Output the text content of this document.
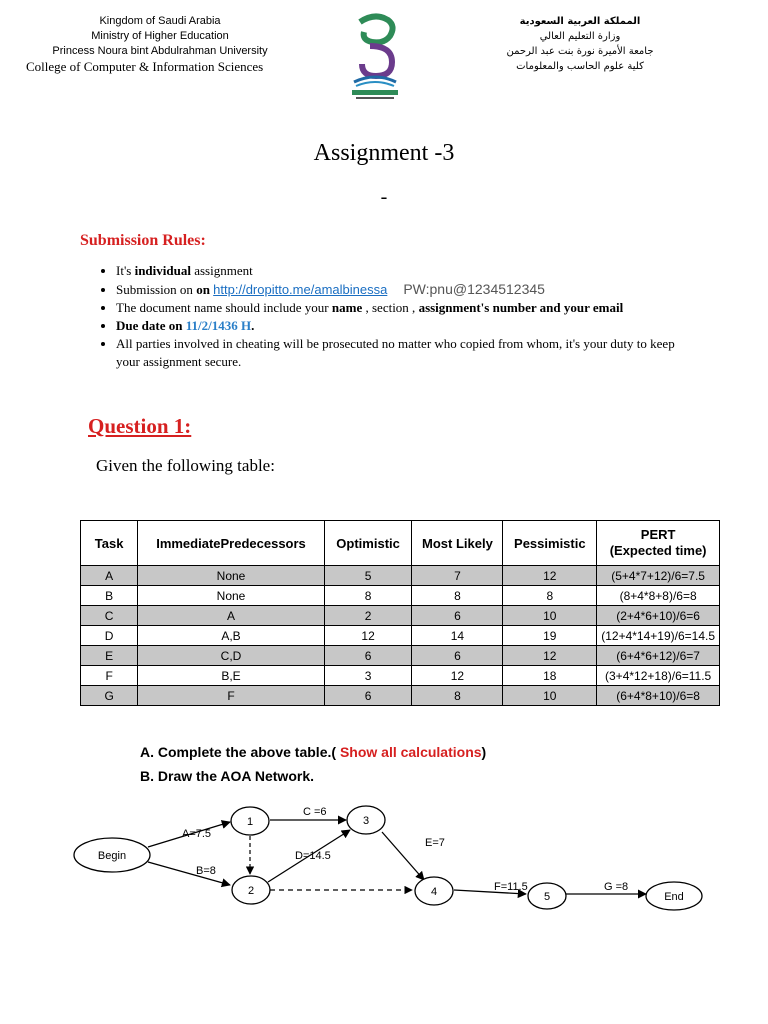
Kingdom of Saudi Arabia
Ministry of Higher Education
Princess Noura bint Abdulrahman University
College of Computer & Information Sciences
المملكة العربية السعودية
وزارة التعليم العالي
جامعة الأميرة نورة بنت عبد الرحمن
كلية علوم الحاسب والمعلومات
Assignment -3
-
Submission Rules:
• It's individual assignment
• Submission on on http://dropitto.me/amalbinessa PW:pnu@1234512345
• The document name should include your name , section , assignment's number and your email
• Due date on 11/2/1436 H.
• All parties involved in cheating will be prosecuted no matter who copied from whom, it's your duty to keep your assignment secure.
Question 1:
Given the following table:
Task	ImmediatePredecessors	Optimistic	Most Likely	Pessimistic	PERT
(Expected time)

A	None	5	7	12	(5+4*7+12)/6=7.5
B	None	8	8	8	(8+4*8+8)/6=8
C	A	2	6	10	(2+4*6+10)/6=6
D	A,B	12	14	19	(12+4*14+19)/6=14.5
E	C,D	6	6	12	(6+4*6+12)/6=7
F	B,E	3	12	18	(3+4*12+18)/6=11.5
G	F	6	8	10	(6+4*8+10)/6=8
A. Complete the above table.( Show all calculations)
B. Draw the AOA Network.
Begin
1
2
3
4	5	End
A=7.5
B=8
C =6
D=14.5
E=7
F=11.5	G =8
